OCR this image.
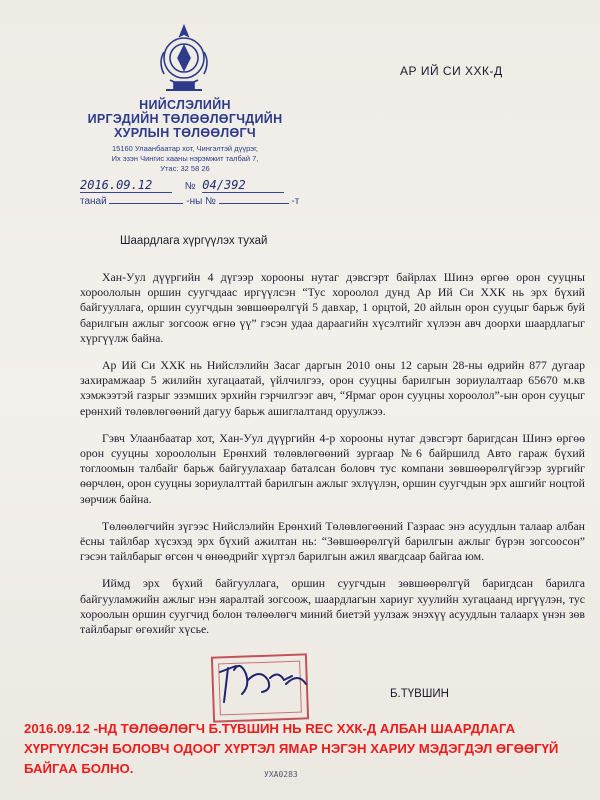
НИЙСЛЭЛИЙН
ИРГЭДИЙН ТӨЛӨӨЛӨГЧДИЙН
ХУРЛЫН ТӨЛӨӨЛӨГЧ
15160 Улаанбаатар хот, Чингэлтэй дүүрэг,
Их эзэн Чингис хааны нэрэмжит талбай 7,
Утас: 32 58 26
АР ИЙ СИ ХХК-Д
2016.09.12	№ 04/392
танай	-ны №	-т
Шаардлага хүргүүлэх тухай

Хан-Уул дүүргийн 4 дүгээр хорооны нутаг дэвсгэрт байрлах Шинэ өргөө орон сууцны хороололын оршин суугчдаас иргүүлсэн “Тус хороолол дунд Ар Ий Си ХХК нь эрх бүхий байгууллага, оршин суугчдын зөвшөөрөлгүй 5 давхар, 1 орцтой, 20 айлын орон сууцыг барьж буй барилгын ажлыг зогсоож өгнө үү” гэсэн удаа дараагийн хүсэлтийг хүлээн авч доорхи шаардлагыг хүргүүлж байна.

Ар Ий Си ХХК нь Нийслэлийн Засаг даргын 2010 оны 12 сарын 28-ны өдрийн 877 дугаар захирамжаар 5 жилийн хугацаатай, үйлчилгээ, орон сууцны барилгын зориулалтаар 65670 м.кв хэмжээтэй газрыг эзэмших эрхийн гэрчилгээг авч, “Ярмаг орон сууцны хороолол”-ын орон сууцыг ерөнхий төлөвлөгөөний дагуу барьж ашиглалтанд оруулжээ.

Гэвч Улаанбаатар хот, Хан-Уул дүүргийн 4-р хорооны нутаг дэвсгэрт баригдсан Шинэ өргөө орон сууцны хороололын Ерөнхий төлөвлөгөөний зургаар №6 байршилд Авто гараж бүхий тоглоомын талбайг барьж байгуулахаар баталсан боловч тус компани зөвшөөрөлгүйгээр зургийг өөрчлөн, орон сууцны зориулалттай барилгын ажлыг эхлүүлэн, оршин суугчдын эрх ашгийг ноцтой зөрчиж байна.

Төлөөлөгчийн зүгээс Нийслэлийн Ерөнхий Төлөвлөгөөний Газраас энэ асуудлын талаар албан ёсны тайлбар хүсэхэд эрх бүхий ажилтан нь: “Зөвшөөрөлгүй барилгын ажлыг бүрэн зогсоосон” гэсэн тайлбарыг өгсөн ч өнөөдрийг хүртэл барилгын ажил явагдсаар байгаа юм.

Иймд эрх бүхий байгууллага, оршин суугчдын зөвшөөрөлгүй баригдсан барилга байгууламжийн ажлыг нэн яаралтай зогсоож, шаардлагын хариуг хуулийн хугацаанд иргүүлэн, тус хороолын оршин суугчид болон төлөөлөгч миний биетэй уулзаж энэхүү асуудлын талаарх үнэн зөв тайлбарыг өгөхийг хүсье.

Б.ТҮВШИН
УХА0283
2016.09.12 -НД ТӨЛӨӨЛӨГЧ Б.ТҮВШИН НЬ REC ХХК-Д АЛБАН ШААРДЛАГА ХҮРГҮҮЛСЭН БОЛОВЧ ОДООГ ХҮРТЭЛ ЯМАР НЭГЭН ХАРИУ МЭДЭГДЭЛ ӨГӨӨГҮЙ БАЙГАА БОЛНО.
